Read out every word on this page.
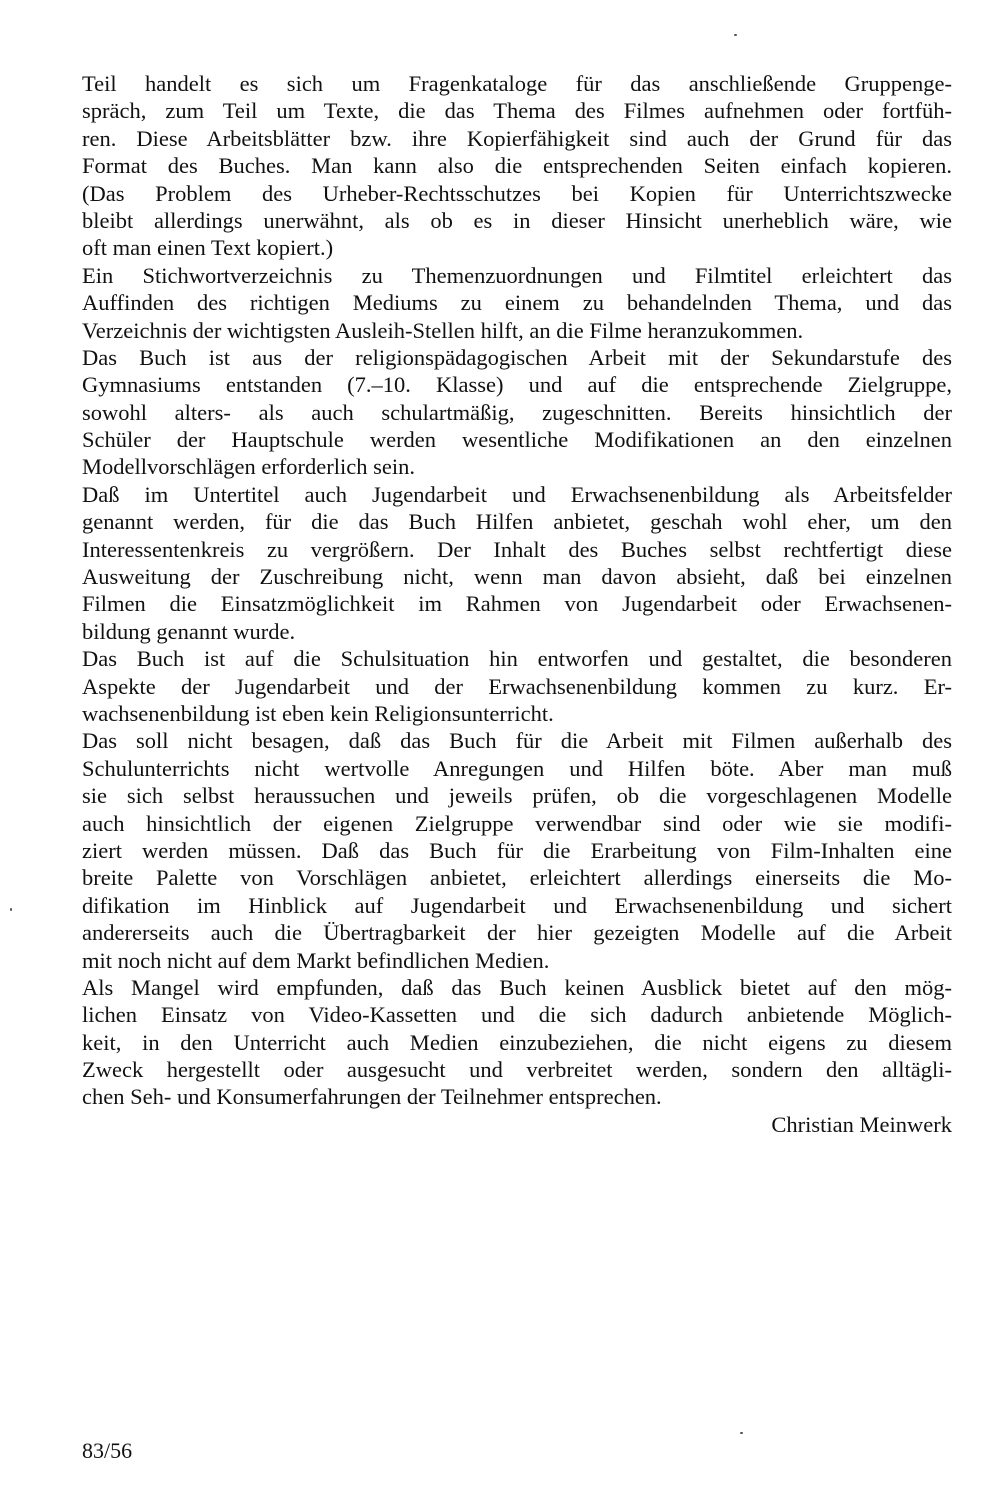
Teil handelt es sich um Fragenkataloge für das anschließende Gruppenge-
spräch, zum Teil um Texte, die das Thema des Filmes aufnehmen oder fortfüh-
ren. Diese Arbeitsblätter bzw. ihre Kopierfähigkeit sind auch der Grund für das
Format des Buches. Man kann also die entsprechenden Seiten einfach kopieren.
(Das Problem des Urheber-Rechtsschutzes bei Kopien für Unterrichtszwecke
bleibt allerdings unerwähnt, als ob es in dieser Hinsicht unerheblich wäre, wie
oft man einen Text kopiert.)
Ein Stichwortverzeichnis zu Themenzuordnungen und Filmtitel erleichtert das
Auffinden des richtigen Mediums zu einem zu behandelnden Thema, und das
Verzeichnis der wichtigsten Ausleih-Stellen hilft, an die Filme heranzukommen.
Das Buch ist aus der religionspädagogischen Arbeit mit der Sekundarstufe des
Gymnasiums entstanden (7.–10. Klasse) und auf die entsprechende Zielgruppe,
sowohl alters- als auch schulartmäßig, zugeschnitten. Bereits hinsichtlich der
Schüler der Hauptschule werden wesentliche Modifikationen an den einzelnen
Modellvorschlägen erforderlich sein.
Daß im Untertitel auch Jugendarbeit und Erwachsenenbildung als Arbeitsfelder
genannt werden, für die das Buch Hilfen anbietet, geschah wohl eher, um den
Interessentenkreis zu vergrößern. Der Inhalt des Buches selbst rechtfertigt diese
Ausweitung der Zuschreibung nicht, wenn man davon absieht, daß bei einzelnen
Filmen die Einsatzmöglichkeit im Rahmen von Jugendarbeit oder Erwachsenen-
bildung genannt wurde.
Das Buch ist auf die Schulsituation hin entworfen und gestaltet, die besonderen
Aspekte der Jugendarbeit und der Erwachsenenbildung kommen zu kurz. Er-
wachsenenbildung ist eben kein Religionsunterricht.
Das soll nicht besagen, daß das Buch für die Arbeit mit Filmen außerhalb des
Schulunterrichts nicht wertvolle Anregungen und Hilfen böte. Aber man muß
sie sich selbst heraussuchen und jeweils prüfen, ob die vorgeschlagenen Modelle
auch hinsichtlich der eigenen Zielgruppe verwendbar sind oder wie sie modifi-
ziert werden müssen. Daß das Buch für die Erarbeitung von Film-Inhalten eine
breite Palette von Vorschlägen anbietet, erleichtert allerdings einerseits die Mo-
difikation im Hinblick auf Jugendarbeit und Erwachsenenbildung und sichert
andererseits auch die Übertragbarkeit der hier gezeigten Modelle auf die Arbeit
mit noch nicht auf dem Markt befindlichen Medien.
Als Mangel wird empfunden, daß das Buch keinen Ausblick bietet auf den mög-
lichen Einsatz von Video-Kassetten und die sich dadurch anbietende Möglich-
keit, in den Unterricht auch Medien einzubeziehen, die nicht eigens zu diesem
Zweck hergestellt oder ausgesucht und verbreitet werden, sondern den alltägli-
chen Seh- und Konsumerfahrungen der Teilnehmer entsprechen.
Christian Meinwerk
83/56
